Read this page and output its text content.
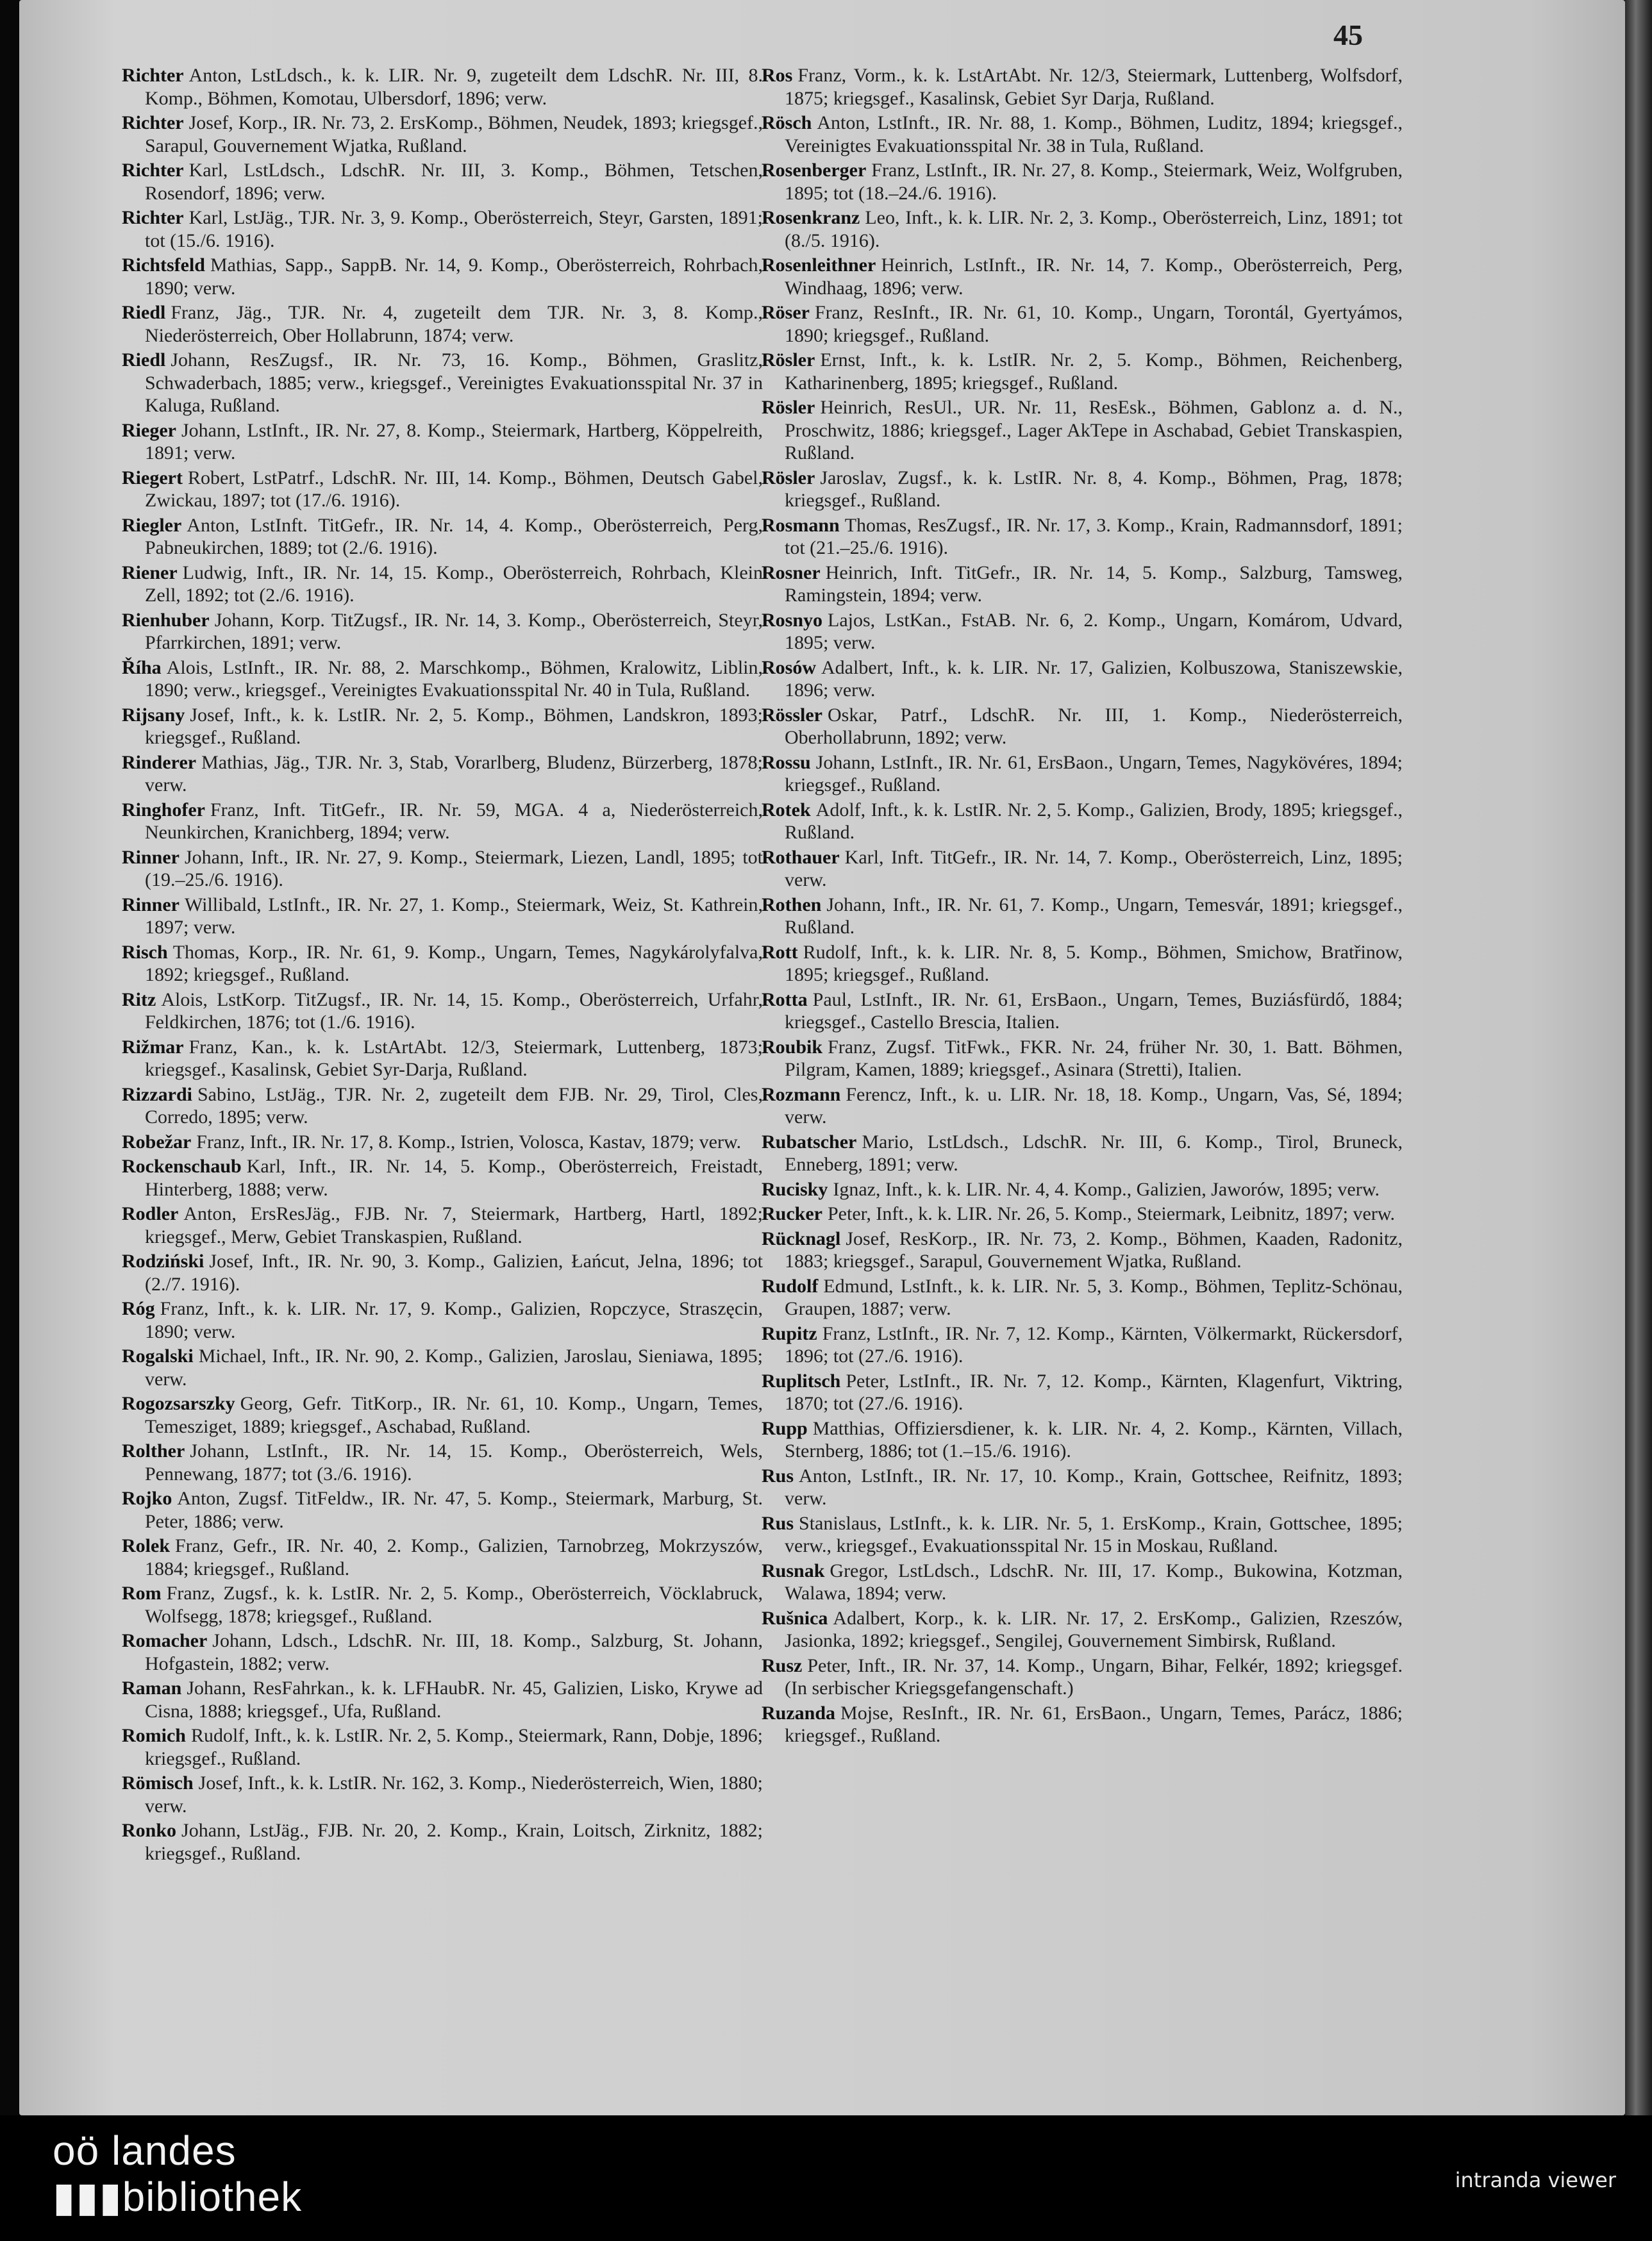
45

Richter Anton, LstLdsch., k. k. LIR. Nr. 9, zugeteilt dem LdschR. Nr. III, 8. Komp., Böhmen, Komotau, Ulbersdorf, 1896; verw.

Richter Josef, Korp., IR. Nr. 73, 2. ErsKomp., Böhmen, Neudek, 1893; kriegsgef., Sarapul, Gouvernement Wjatka, Rußland.

Richter Karl, LstLdsch., LdschR. Nr. III, 3. Komp., Böhmen, Tetschen, Rosendorf, 1896; verw.

Richter Karl, LstJäg., TJR. Nr. 3, 9. Komp., Oberösterreich, Steyr, Garsten, 1891; tot (15./6. 1916).

Richtsfeld Mathias, Sapp., SappB. Nr. 14, 9. Komp., Oberösterreich, Rohrbach, 1890; verw.

Riedl Franz, Jäg., TJR. Nr. 4, zugeteilt dem TJR. Nr. 3, 8. Komp., Niederösterreich, Ober Hollabrunn, 1874; verw.

Riedl Johann, ResZugsf., IR. Nr. 73, 16. Komp., Böhmen, Graslitz, Schwaderbach, 1885; verw., kriegsgef., Vereinigtes Evakuationsspital Nr. 37 in Kaluga, Rußland.

Rieger Johann, LstInft., IR. Nr. 27, 8. Komp., Steiermark, Hartberg, Köppelreith, 1891; verw.

Riegert Robert, LstPatrf., LdschR. Nr. III, 14. Komp., Böhmen, Deutsch Gabel, Zwickau, 1897; tot (17./6. 1916).

Riegler Anton, LstInft. TitGefr., IR. Nr. 14, 4. Komp., Oberösterreich, Perg, Pabneukirchen, 1889; tot (2./6. 1916).

Riener Ludwig, Inft., IR. Nr. 14, 15. Komp., Oberösterreich, Rohrbach, Klein Zell, 1892; tot (2./6. 1916).

Rienhuber Johann, Korp. TitZugsf., IR. Nr. 14, 3. Komp., Oberösterreich, Steyr, Pfarrkirchen, 1891; verw.

Říha Alois, LstInft., IR. Nr. 88, 2. Marschkomp., Böhmen, Kralowitz, Liblin, 1890; verw., kriegsgef., Vereinigtes Evakuationsspital Nr. 40 in Tula, Rußland.

Rijsany Josef, Inft., k. k. LstIR. Nr. 2, 5. Komp., Böhmen, Landskron, 1893; kriegsgef., Rußland.

Rinderer Mathias, Jäg., TJR. Nr. 3, Stab, Vorarlberg, Bludenz, Bürzerberg, 1878; verw.

Ringhofer Franz, Inft. TitGefr., IR. Nr. 59, MGA. 4 a, Niederösterreich, Neunkirchen, Kranichberg, 1894; verw.

Rinner Johann, Inft., IR. Nr. 27, 9. Komp., Steiermark, Liezen, Landl, 1895; tot (19.–25./6. 1916).

Rinner Willibald, LstInft., IR. Nr. 27, 1. Komp., Steiermark, Weiz, St. Kathrein, 1897; verw.

Risch Thomas, Korp., IR. Nr. 61, 9. Komp., Ungarn, Temes, Nagykárolyfalva, 1892; kriegsgef., Rußland.

Ritz Alois, LstKorp. TitZugsf., IR. Nr. 14, 15. Komp., Oberösterreich, Urfahr, Feldkirchen, 1876; tot (1./6. 1916).

Rižmar Franz, Kan., k. k. LstArtAbt. 12/3, Steiermark, Luttenberg, 1873; kriegsgef., Kasalinsk, Gebiet Syr-Darja, Rußland.

Rizzardi Sabino, LstJäg., TJR. Nr. 2, zugeteilt dem FJB. Nr. 29, Tirol, Cles, Corredo, 1895; verw.

Robežar Franz, Inft., IR. Nr. 17, 8. Komp., Istrien, Volosca, Kastav, 1879; verw.

Rockenschaub Karl, Inft., IR. Nr. 14, 5. Komp., Oberösterreich, Freistadt, Hinterberg, 1888; verw.

Rodler Anton, ErsResJäg., FJB. Nr. 7, Steiermark, Hartberg, Hartl, 1892; kriegsgef., Merw, Gebiet Transkaspien, Rußland.

Rodziński Josef, Inft., IR. Nr. 90, 3. Komp., Galizien, Łańcut, Jelna, 1896; tot (2./7. 1916).

Róg Franz, Inft., k. k. LIR. Nr. 17, 9. Komp., Galizien, Ropczyce, Straszęcin, 1890; verw.

Rogalski Michael, Inft., IR. Nr. 90, 2. Komp., Galizien, Jaroslau, Sieniawa, 1895; verw.

Rogozsarszky Georg, Gefr. TitKorp., IR. Nr. 61, 10. Komp., Ungarn, Temes, Temesziget, 1889; kriegsgef., Aschabad, Rußland.

Rolther Johann, LstInft., IR. Nr. 14, 15. Komp., Oberösterreich, Wels, Pennewang, 1877; tot (3./6. 1916).

Rojko Anton, Zugsf. TitFeldw., IR. Nr. 47, 5. Komp., Steiermark, Marburg, St. Peter, 1886; verw.

Rolek Franz, Gefr., IR. Nr. 40, 2. Komp., Galizien, Tarnobrzeg, Mokrzyszów, 1884; kriegsgef., Rußland.

Rom Franz, Zugsf., k. k. LstIR. Nr. 2, 5. Komp., Oberösterreich, Vöcklabruck, Wolfsegg, 1878; kriegsgef., Rußland.

Romacher Johann, Ldsch., LdschR. Nr. III, 18. Komp., Salzburg, St. Johann, Hofgastein, 1882; verw.

Raman Johann, ResFahrkan., k. k. LFHaubR. Nr. 45, Galizien, Lisko, Krywe ad Cisna, 1888; kriegsgef., Ufa, Rußland.

Romich Rudolf, Inft., k. k. LstIR. Nr. 2, 5. Komp., Steiermark, Rann, Dobje, 1896; kriegsgef., Rußland.

Römisch Josef, Inft., k. k. LstIR. Nr. 162, 3. Komp., Niederösterreich, Wien, 1880; verw.

Ronko Johann, LstJäg., FJB. Nr. 20, 2. Komp., Krain, Loitsch, Zirknitz, 1882; kriegsgef., Rußland.

Ros Franz, Vorm., k. k. LstArtAbt. Nr. 12/3, Steiermark, Luttenberg, Wolfsdorf, 1875; kriegsgef., Kasalinsk, Gebiet Syr Darja, Rußland.

Rösch Anton, LstInft., IR. Nr. 88, 1. Komp., Böhmen, Luditz, 1894; kriegsgef., Vereinigtes Evakuationsspital Nr. 38 in Tula, Rußland.

Rosenberger Franz, LstInft., IR. Nr. 27, 8. Komp., Steiermark, Weiz, Wolfgruben, 1895; tot (18.–24./6. 1916).

Rosenkranz Leo, Inft., k. k. LIR. Nr. 2, 3. Komp., Oberösterreich, Linz, 1891; tot (8./5. 1916).

Rosenleithner Heinrich, LstInft., IR. Nr. 14, 7. Komp., Oberösterreich, Perg, Windhaag, 1896; verw.

Röser Franz, ResInft., IR. Nr. 61, 10. Komp., Ungarn, Torontál, Gyertyámos, 1890; kriegsgef., Rußland.

Rösler Ernst, Inft., k. k. LstIR. Nr. 2, 5. Komp., Böhmen, Reichenberg, Katharinenberg, 1895; kriegsgef., Rußland.

Rösler Heinrich, ResUl., UR. Nr. 11, ResEsk., Böhmen, Gablonz a. d. N., Proschwitz, 1886; kriegsgef., Lager AkTepe in Aschabad, Gebiet Transkaspien, Rußland.

Rösler Jaroslav, Zugsf., k. k. LstIR. Nr. 8, 4. Komp., Böhmen, Prag, 1878; kriegsgef., Rußland.

Rosmann Thomas, ResZugsf., IR. Nr. 17, 3. Komp., Krain, Radmannsdorf, 1891; tot (21.–25./6. 1916).

Rosner Heinrich, Inft. TitGefr., IR. Nr. 14, 5. Komp., Salzburg, Tamsweg, Ramingstein, 1894; verw.

Rosnyo Lajos, LstKan., FstAB. Nr. 6, 2. Komp., Ungarn, Komárom, Udvard, 1895; verw.

Rosów Adalbert, Inft., k. k. LIR. Nr. 17, Galizien, Kolbuszowa, Staniszewskie, 1896; verw.

Rössler Oskar, Patrf., LdschR. Nr. III, 1. Komp., Niederösterreich, Oberhollabrunn, 1892; verw.

Rossu Johann, LstInft., IR. Nr. 61, ErsBaon., Ungarn, Temes, Nagykövéres, 1894; kriegsgef., Rußland.

Rotek Adolf, Inft., k. k. LstIR. Nr. 2, 5. Komp., Galizien, Brody, 1895; kriegsgef., Rußland.

Rothauer Karl, Inft. TitGefr., IR. Nr. 14, 7. Komp., Oberösterreich, Linz, 1895; verw.

Rothen Johann, Inft., IR. Nr. 61, 7. Komp., Ungarn, Temesvár, 1891; kriegsgef., Rußland.

Rott Rudolf, Inft., k. k. LIR. Nr. 8, 5. Komp., Böhmen, Smichow, Bratřinow, 1895; kriegsgef., Rußland.

Rotta Paul, LstInft., IR. Nr. 61, ErsBaon., Ungarn, Temes, Buziásfürdő, 1884; kriegsgef., Castello Brescia, Italien.

Roubik Franz, Zugsf. TitFwk., FKR. Nr. 24, früher Nr. 30, 1. Batt. Böhmen, Pilgram, Kamen, 1889; kriegsgef., Asinara (Stretti), Italien.

Rozmann Ferencz, Inft., k. u. LIR. Nr. 18, 18. Komp., Ungarn, Vas, Sé, 1894; verw.

Rubatscher Mario, LstLdsch., LdschR. Nr. III, 6. Komp., Tirol, Bruneck, Enneberg, 1891; verw.

Rucisky Ignaz, Inft., k. k. LIR. Nr. 4, 4. Komp., Galizien, Jaworów, 1895; verw.

Rucker Peter, Inft., k. k. LIR. Nr. 26, 5. Komp., Steiermark, Leibnitz, 1897; verw.

Rücknagl Josef, ResKorp., IR. Nr. 73, 2. Komp., Böhmen, Kaaden, Radonitz, 1883; kriegsgef., Sarapul, Gouvernement Wjatka, Rußland.

Rudolf Edmund, LstInft., k. k. LIR. Nr. 5, 3. Komp., Böhmen, Teplitz-Schönau, Graupen, 1887; verw.

Rupitz Franz, LstInft., IR. Nr. 7, 12. Komp., Kärnten, Völkermarkt, Rückersdorf, 1896; tot (27./6. 1916).

Ruplitsch Peter, LstInft., IR. Nr. 7, 12. Komp., Kärnten, Klagenfurt, Viktring, 1870; tot (27./6. 1916).

Rupp Matthias, Offiziersdiener, k. k. LIR. Nr. 4, 2. Komp., Kärnten, Villach, Sternberg, 1886; tot (1.–15./6. 1916).

Rus Anton, LstInft., IR. Nr. 17, 10. Komp., Krain, Gottschee, Reifnitz, 1893; verw.

Rus Stanislaus, LstInft., k. k. LIR. Nr. 5, 1. ErsKomp., Krain, Gottschee, 1895; verw., kriegsgef., Evakuationsspital Nr. 15 in Moskau, Rußland.

Rusnak Gregor, LstLdsch., LdschR. Nr. III, 17. Komp., Bukowina, Kotzman, Walawa, 1894; verw.

Rušnica Adalbert, Korp., k. k. LIR. Nr. 17, 2. ErsKomp., Galizien, Rzeszów, Jasionka, 1892; kriegsgef., Sengilej, Gouvernement Simbirsk, Rußland.

Rusz Peter, Inft., IR. Nr. 37, 14. Komp., Ungarn, Bihar, Felkér, 1892; kriegsgef. (In serbischer Kriegsgefangenschaft.)

Ruzanda Mojse, ResInft., IR. Nr. 61, ErsBaon., Ungarn, Temes, Parácz, 1886; kriegsgef., Rußland.

oö landes
▮▮▮bibliothek	intranda viewer
